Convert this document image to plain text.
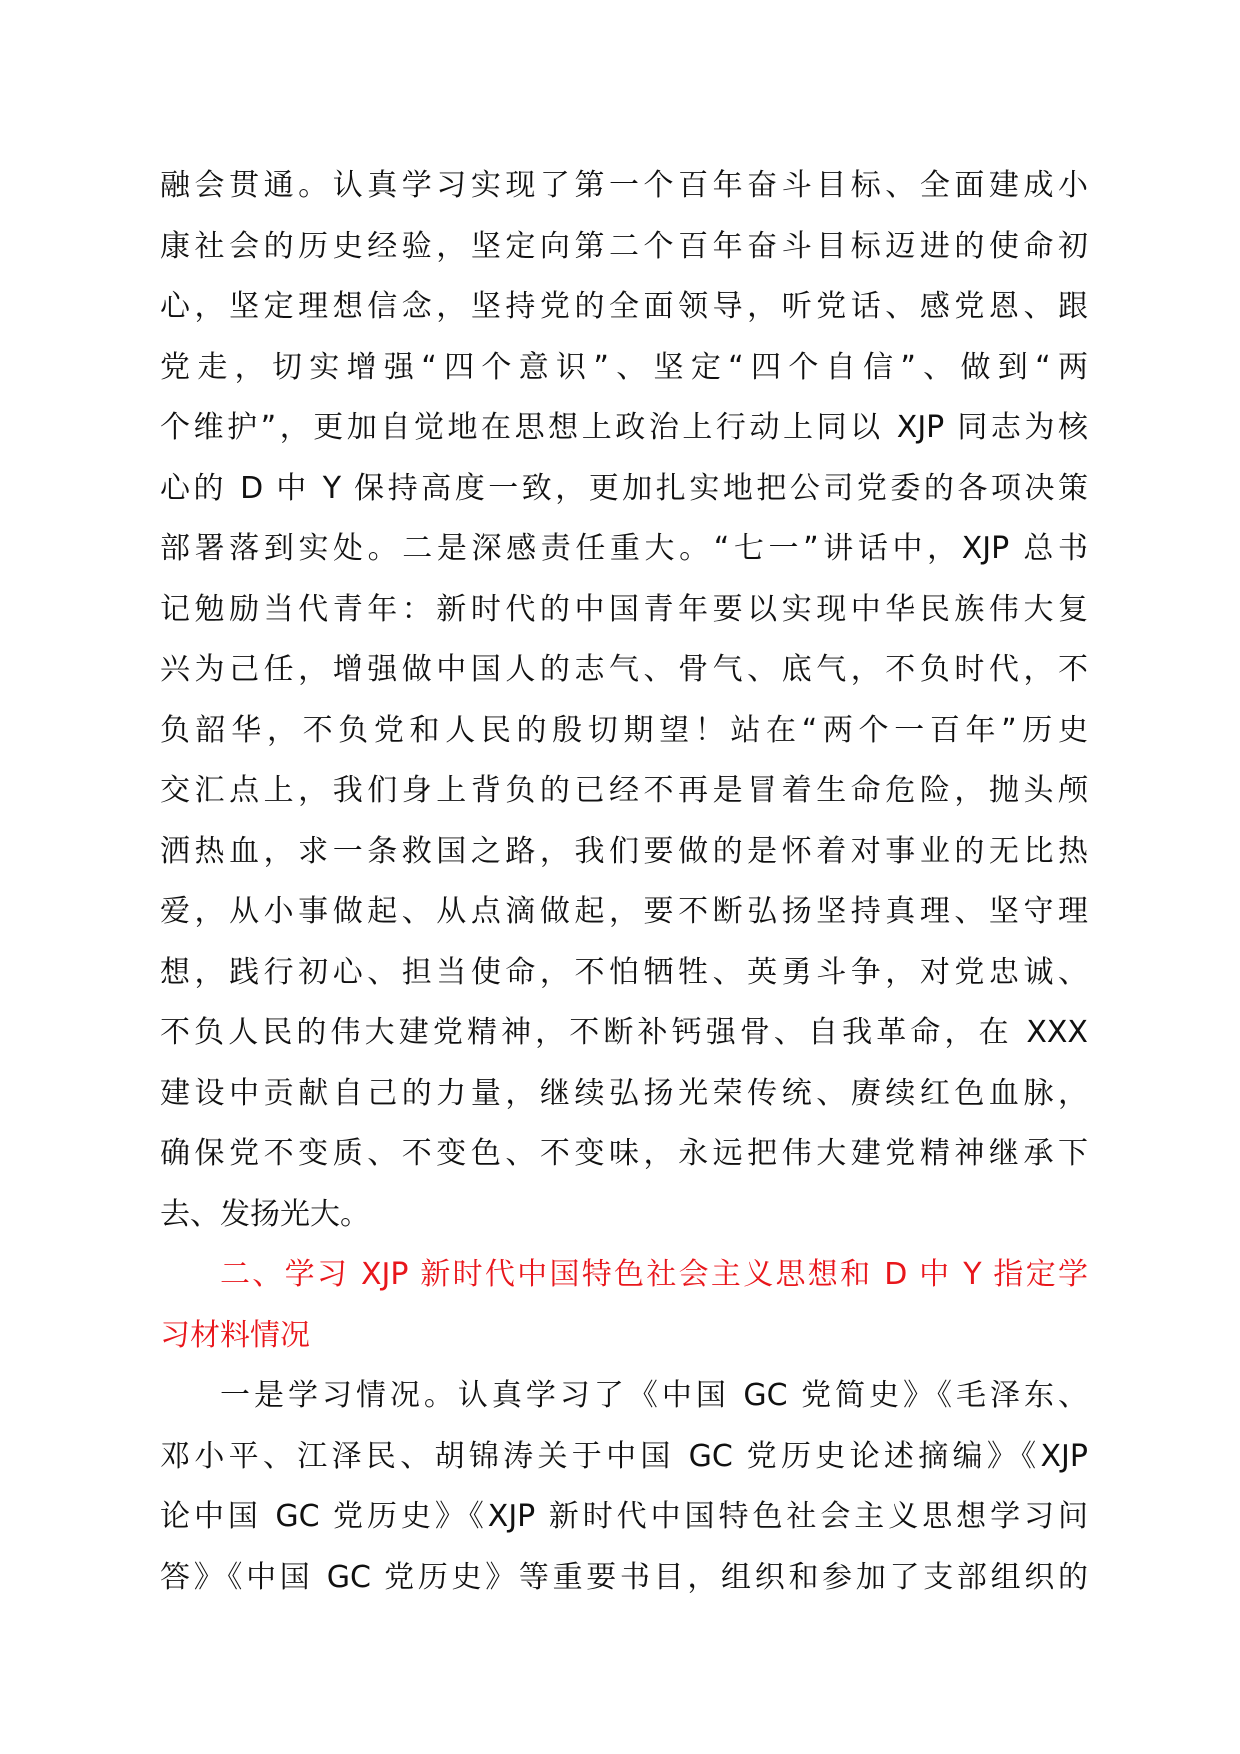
融会贯通。认真学习实现了第一个百年奋斗目标、全面建成小
康社会的历史经验，坚定向第二个百年奋斗目标迈进的使命初
心，坚定理想信念，坚持党的全面领导，听党话、感党恩、跟
党走，切实增强“四个意识”、坚定“四个自信”、做到“两
个维护”，更加自觉地在思想上政治上行动上同以 XJP 同志为核
心的 D 中 Y 保持高度一致，更加扎实地把公司党委的各项决策
部署落到实处。二是深感责任重大。“七一”讲话中，XJP 总书
记勉励当代青年：新时代的中国青年要以实现中华民族伟大复
兴为己任，增强做中国人的志气、骨气、底气，不负时代，不
负韶华，不负党和人民的殷切期望！站在“两个一百年”历史
交汇点上，我们身上背负的已经不再是冒着生命危险，抛头颅
洒热血，求一条救国之路，我们要做的是怀着对事业的无比热
爱，从小事做起、从点滴做起，要不断弘扬坚持真理、坚守理
想，践行初心、担当使命，不怕牺牲、英勇斗争，对党忠诚、
不负人民的伟大建党精神，不断补钙强骨、自我革命，在 XXX
建设中贡献自己的力量，继续弘扬光荣传统、赓续红色血脉，
确保党不变质、不变色、不变味，永远把伟大建党精神继承下
去、发扬光大。
二、学习 XJP 新时代中国特色社会主义思想和 D 中 Y 指定学
习材料情况
一是学习情况。认真学习了《中国 GC 党简史》《毛泽东、
邓小平、江泽民、胡锦涛关于中国 GC 党历史论述摘编》《XJP
论中国 GC 党历史》《XJP 新时代中国特色社会主义思想学习问
答》《中国 GC 党历史》等重要书目，组织和参加了支部组织的
